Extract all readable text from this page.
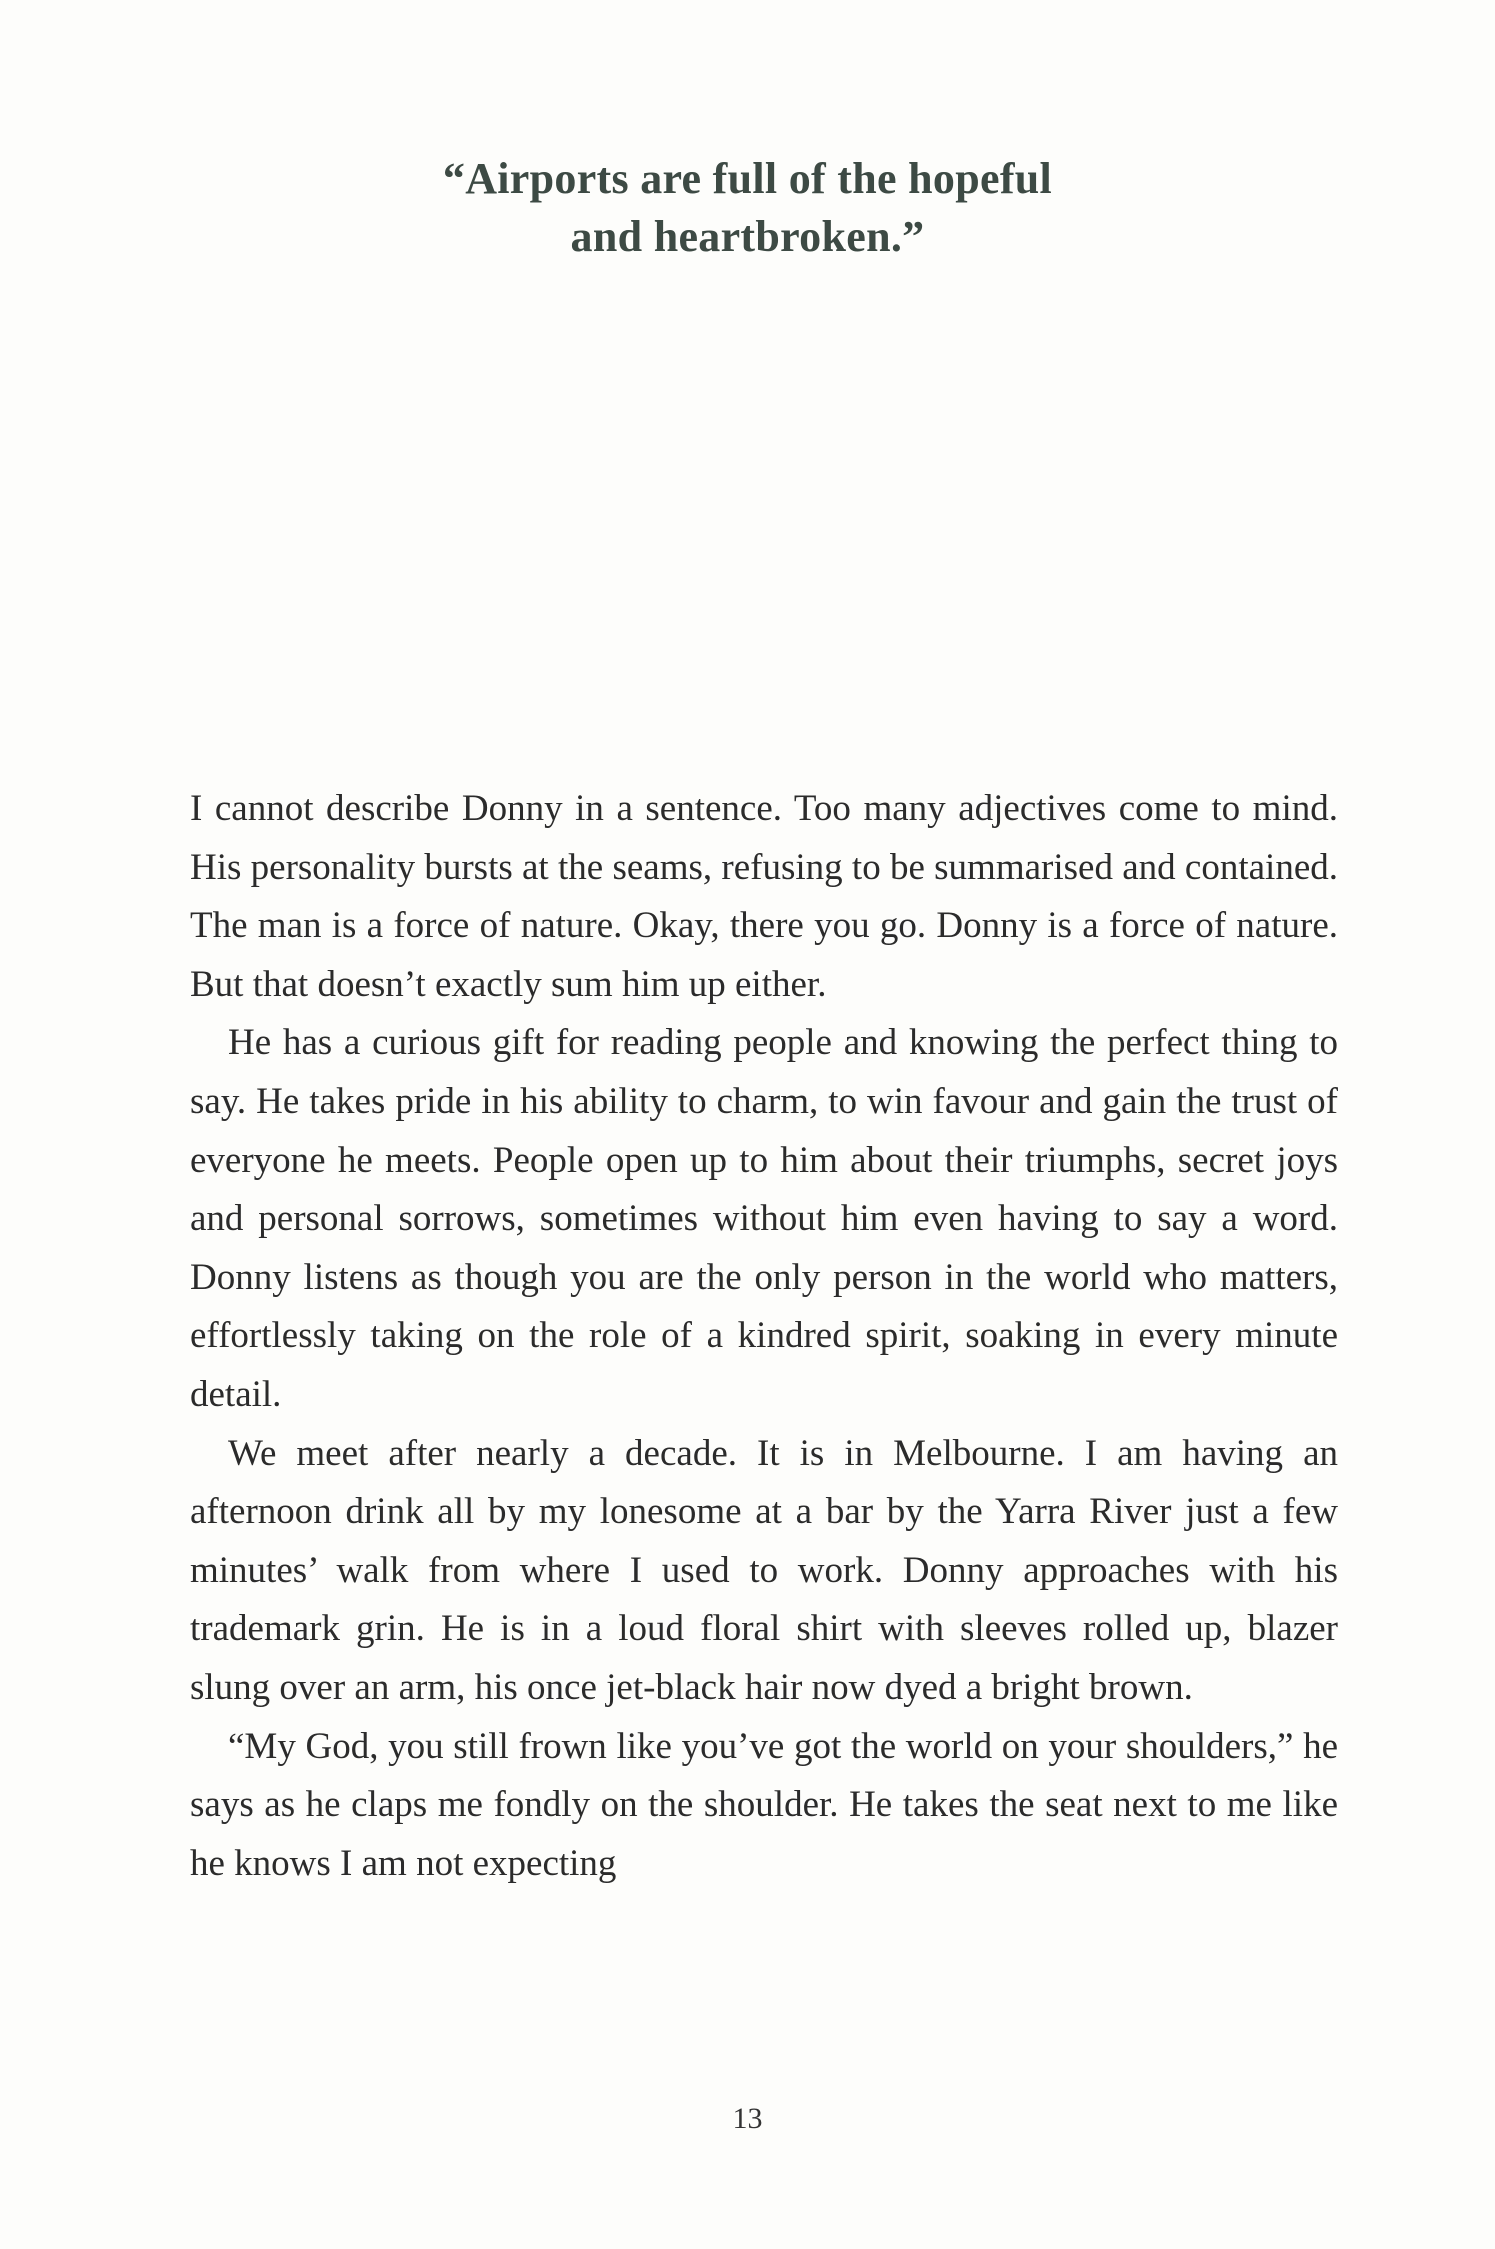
“Airports are full of the hopeful
and heartbroken.”

I cannot describe Donny in a sentence. Too many adjectives come to mind. His personality bursts at the seams, refusing to be summarised and contained. The man is a force of nature. Okay, there you go. Donny is a force of nature. But that doesn’t exactly sum him up either.

He has a curious gift for reading people and knowing the perfect thing to say. He takes pride in his ability to charm, to win favour and gain the trust of everyone he meets. People open up to him about their triumphs, secret joys and personal sorrows, sometimes without him even having to say a word. Donny listens as though you are the only person in the world who matters, effortlessly taking on the role of a kindred spirit, soaking in every minute detail.

We meet after nearly a decade. It is in Melbourne. I am having an afternoon drink all by my lonesome at a bar by the Yarra River just a few minutes’ walk from where I used to work. Donny approaches with his trademark grin. He is in a loud floral shirt with sleeves rolled up, blazer slung over an arm, his once jet-black hair now dyed a bright brown.

“My God, you still frown like you’ve got the world on your shoulders,” he says as he claps me fondly on the shoulder. He takes the seat next to me like he knows I am not expecting

13
